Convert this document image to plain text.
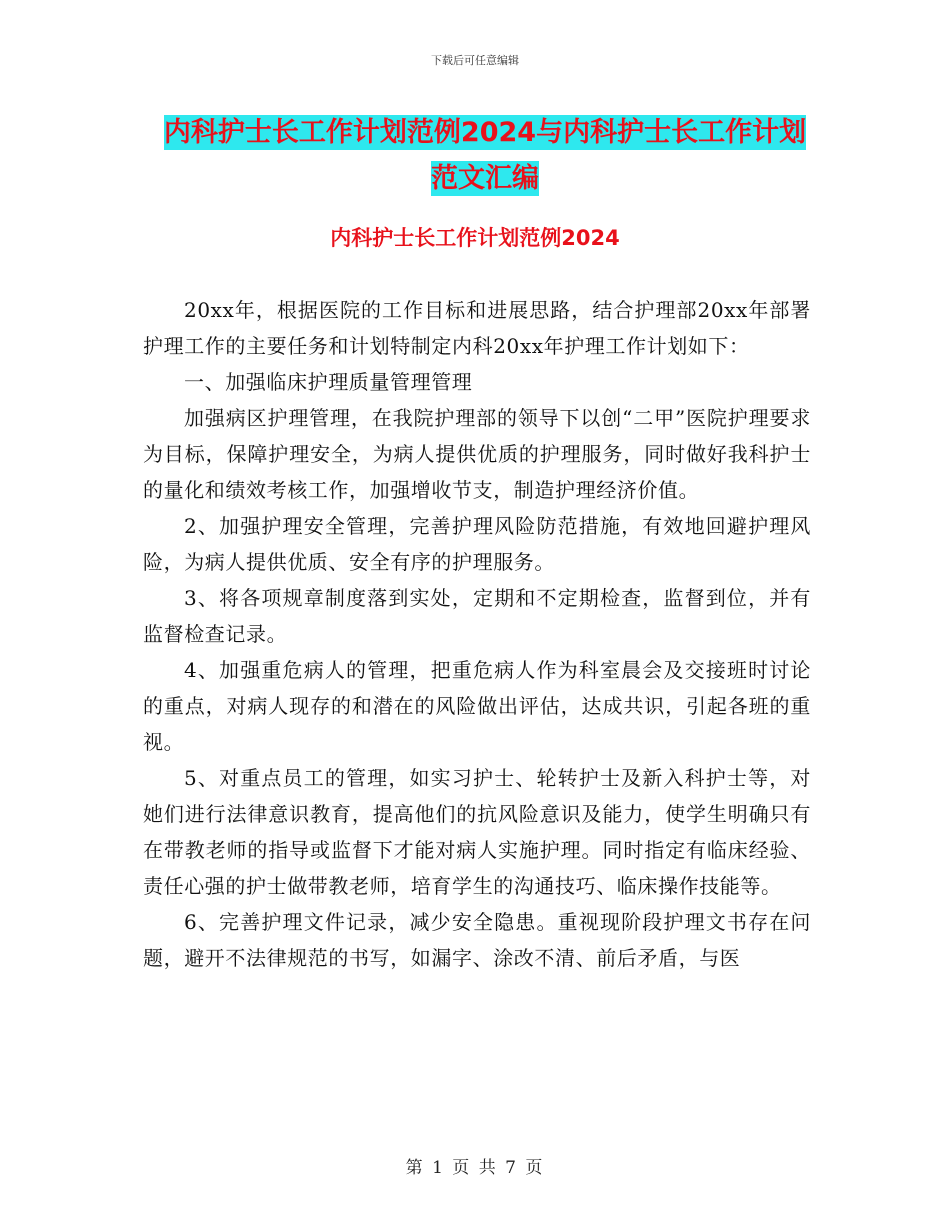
下载后可任意编辑
内科护士长工作计划范例2024与内科护士长工作计划
范文汇编
内科护士长工作计划范例2024

20xx年，根据医院的工作目标和进展思路，结合护理部20xx年部署护理工作的主要任务和计划特制定内科20xx年护理工作计划如下：

一、加强临床护理质量管理管理

加强病区护理管理，在我院护理部的领导下以创“二甲”医院护理要求为目标，保障护理安全，为病人提供优质的护理服务，同时做好我科护士的量化和绩效考核工作，加强增收节支，制造护理经济价值。

2、加强护理安全管理，完善护理风险防范措施，有效地回避护理风险，为病人提供优质、安全有序的护理服务。

3、将各项规章制度落到实处，定期和不定期检查，监督到位，并有监督检查记录。

4、加强重危病人的管理，把重危病人作为科室晨会及交接班时讨论的重点，对病人现存的和潜在的风险做出评估，达成共识，引起各班的重视。

5、对重点员工的管理，如实习护士、轮转护士及新入科护士等，对她们进行法律意识教育，提高他们的抗风险意识及能力，使学生明确只有在带教老师的指导或监督下才能对病人实施护理。同时指定有临床经验、责任心强的护士做带教老师，培育学生的沟通技巧、临床操作技能等。

6、完善护理文件记录，减少安全隐患。重视现阶段护理文书存在问题，避开不法律规范的书写，如漏字、涂改不清、前后矛盾，与医

第 1 页 共 7 页
